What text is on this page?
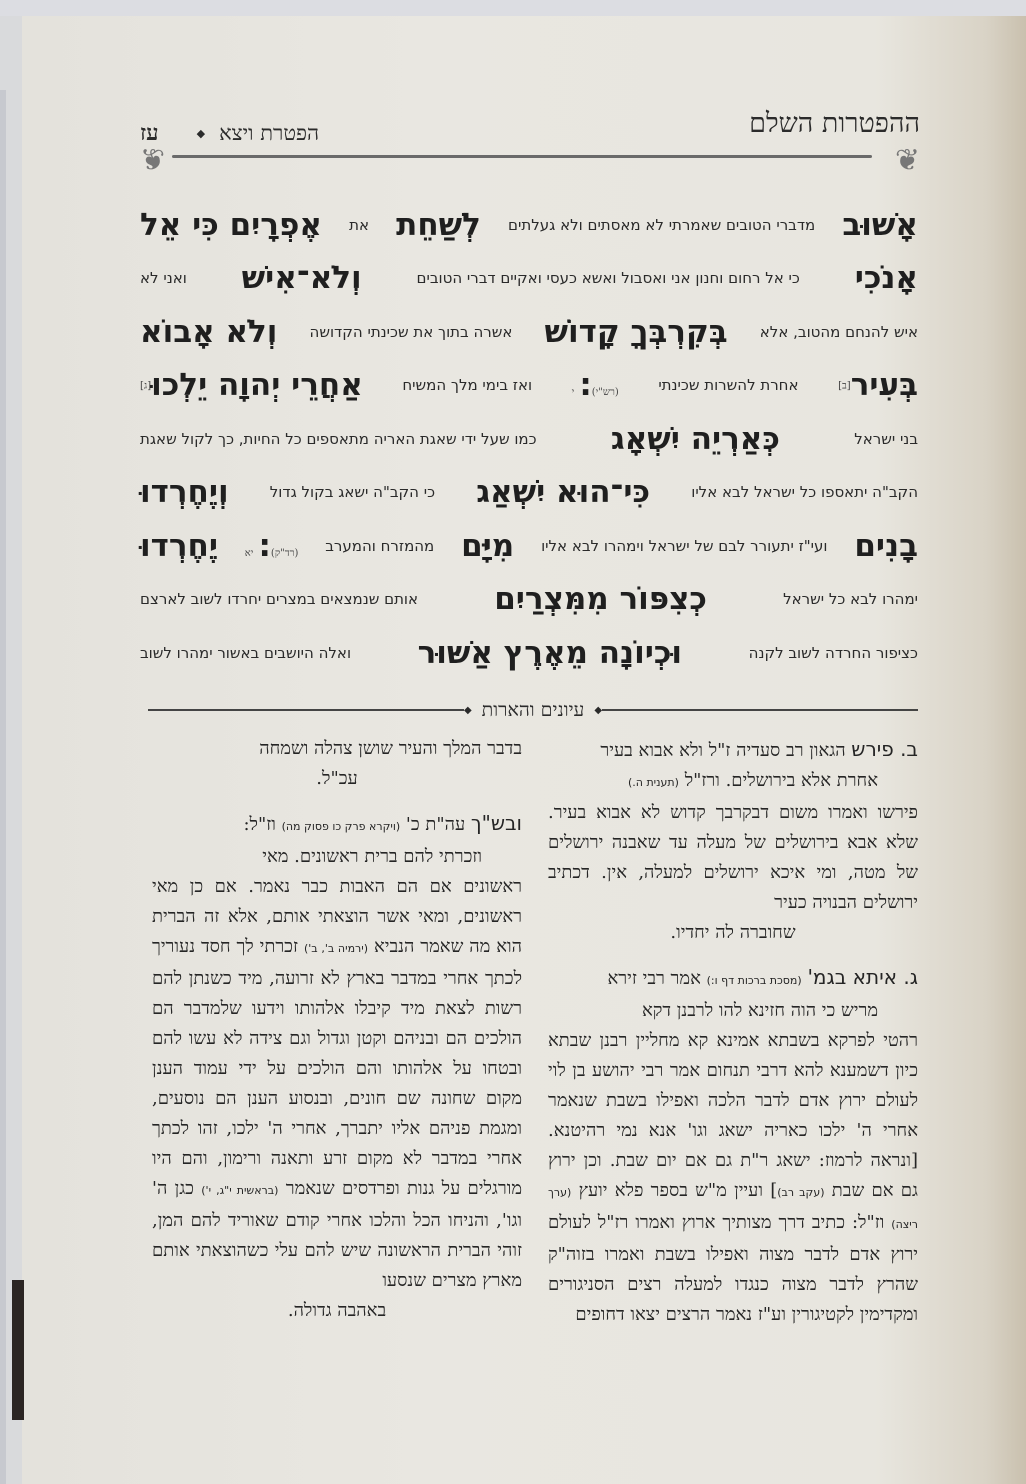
ההפטרות השלם
הפטרת ויצא
◆
עז
❦
❦
אָשׁוּב
מדברי הטובים שאמרתי לא מאסתים ולא געלתים
לְשַׁחֵת
את
אֶפְרָיִם כִּי אֵל
אָנֹכִי
כי אל רחום וחנון אני ואסבול ואשא כעסי ואקיים דברי הטובים
וְלֹא־אִישׁ
ואני לא
איש להנחם מהטוב, אלא
בְּקִרְבְּךָ קָדוֹשׁ
אשרה בתוך את שכינתי הקדושה
וְלֹא אָבוֹא
בְּעִיר[ב]
אחרת להשרות שכינתי
(רש"י): י
ואז בימי מלך המשיח
אַחֲרֵי יְהוָה יֵלְכוּ[ג]
בני ישראל
כְּאַרְיֵה יִשְׁאָג
כמו שעל ידי שאגת האריה מתאספים כל החיות, כך לקול שאגת
הקב"ה יתאספו כל ישראל לבא אליו
כִּי־הוּא יִשְׁאַג
כי הקב"ה ישאג בקול גדול
וְיֶחֶרְדוּ
בָנִים
ועי"ז יתעורר לבם של ישראל וימהרו לבא אליו
מִיָּם
מהמזרח והמערב
(רד"ק): יא
יֶחֶרְדוּ
ימהרו לבא כל ישראל
כְצִפּוֹר מִמִּצְרַיִם
אותם שנמצאים במצרים יחרדו לשוב לארצם
כציפור החרדה לשוב לקנה
וּכְיוֹנָה מֵאֶרֶץ אַשּׁוּר
ואלה היושבים באשור ימהרו לשוב
◆
עיונים והארות
◆
ב. פירש הגאון רב סעדיה ז"ל ולא אבוא בעיר
אחרת אלא בירושלים. ורז"ל (תענית ה.)
פירשו ואמרו משום דבקרבך קדוש לא אבוא בעיר. שלא אבא בירושלים של מעלה עד שאבנה ירושלים של מטה, ומי איכא ירושלים למעלה, אין. דכתיב ירושלים הבנויה כעיר
שחוברה לה יחדיו.
ג. איתא בגמ' (מסכת ברכות דף ו:) אמר רבי זירא
מריש כי הוה חזינא להו לרבנן דקא
רהטי לפרקא בשבתא אמינא קא מחליין רבנן שבתא כיון דשמענא להא דרבי תנחום אמר רבי יהושע בן לוי לעולם ירוץ אדם לדבר הלכה ואפילו בשבת שנאמר אחרי ה' ילכו כאריה ישאג וגו' אנא נמי רהיטנא. [ונראה לרמוז: ישאג ר"ת גם אם יום שבת. וכן ירוץ גם אם שבת (עקב רב)] ועיין מ"ש בספר פלא יועץ (ערך ריצה) וז"ל: כתיב דרך מצותיך ארוץ ואמרו רז"ל לעולם ירוץ אדם לדבר מצוה ואפילו בשבת ואמרו בזוה"ק שהרץ לדבר מצוה כנגדו למעלה רצים הסניגורים ומקדימין לקטיגורין וע"ז נאמר הרצים יצאו דחופים
בדבר המלך והעיר שושן צהלה ושמחה
עכ"ל.
ובש"ך עה"ת כ' (ויקרא פרק כו פסוק מה) וז"ל:
וזכרתי להם ברית ראשונים. מאי
ראשונים אם הם האבות כבר נאמר. אם כן מאי ראשונים, ומאי אשר הוצאתי אותם, אלא זה הברית הוא מה שאמר הנביא (ירמיה ב', ב') זכרתי לך חסד נעוריך לכתך אחרי במדבר בארץ לא זרועה, מיד כשנתן להם רשות לצאת מיד קיבלו אלהותו וידעו שלמדבר הם הולכים הם ובניהם וקטן וגדול וגם צידה לא עשו להם ובטחו על אלהותו והם הולכים על ידי עמוד הענן מקום שחונה שם חונים, ובנסוע הענן הם נוסעים, ומגמת פניהם אליו יתברך, אחרי ה' ילכו, זהו לכתך אחרי במדבר לא מקום זרע ותאנה ורימון, והם היו מורגלים על גנות ופרדסים שנאמר (בראשית י"ג, י') כגן ה' וגו', והניחו הכל והלכו אחרי קודם שאוריד להם המן, זוהי הברית הראשונה שיש להם עלי כשהוצאתי אותם מארץ מצרים שנסעו
באהבה גדולה.
